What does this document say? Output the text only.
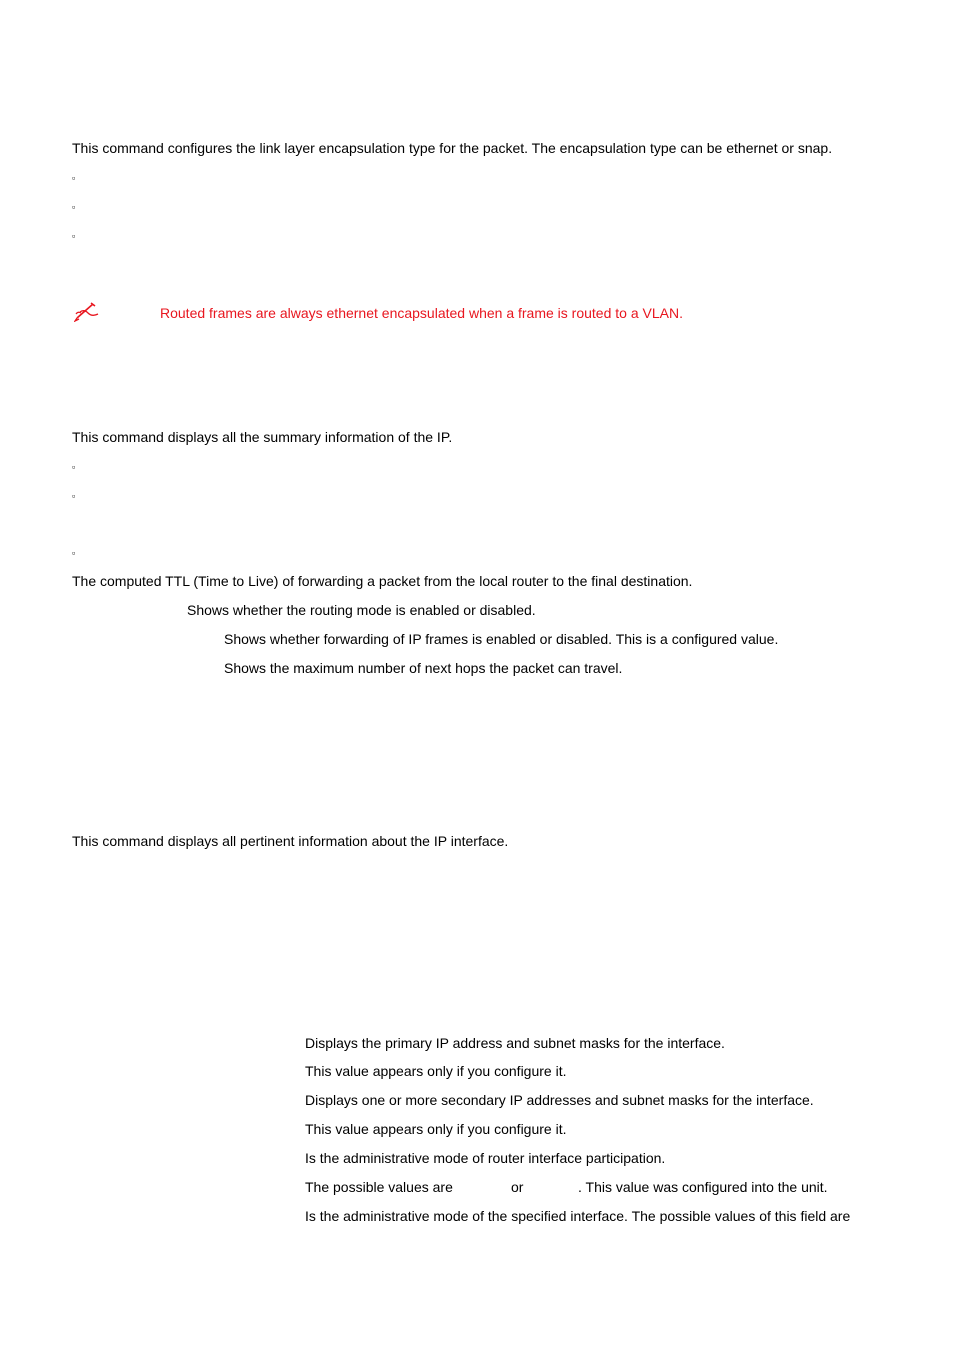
This command configures the link layer encapsulation type for the packet. The encapsulation type can be ethernet or snap.
▫
▫
▫
Routed frames are always ethernet encapsulated when a frame is routed to a VLAN.
This command displays all the summary information of the IP.
▫
▫
▫
The computed TTL (Time to Live) of forwarding a packet from the local router to the final destination.
Shows whether the routing mode is enabled or disabled.
Shows whether forwarding of IP frames is enabled or disabled. This is a configured value.
Shows the maximum number of next hops the packet can travel.
This command displays all pertinent information about the IP interface.
Displays the primary IP address and subnet masks for the interface.
This value appears only if you configure it.
Displays one or more secondary IP addresses and subnet masks for the interface.
This value appears only if you configure it.
Is the administrative mode of router interface participation.
The possible values are	or	. This value was configured into the unit.
Is the administrative mode of the specified interface. The possible values of this field are
